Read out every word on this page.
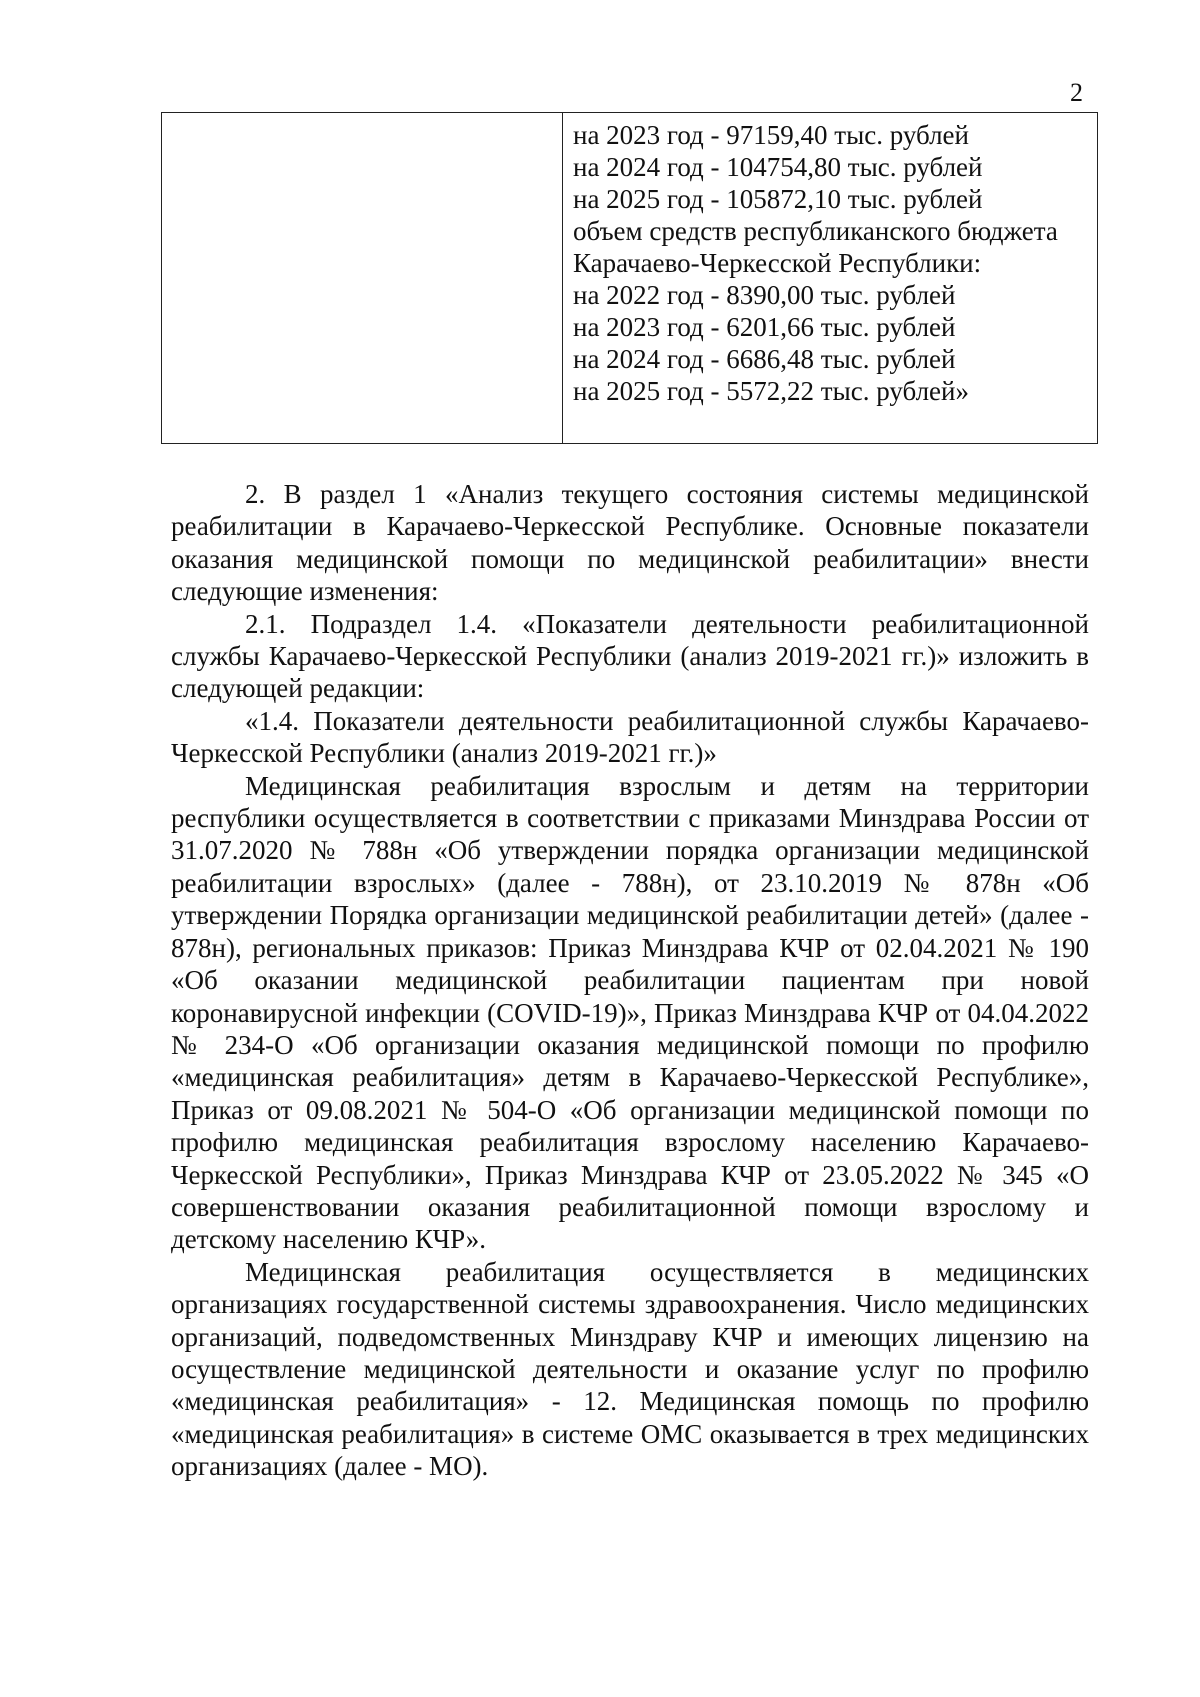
2

на 2023 год - 97159,40 тыс. рублей
на 2024 год - 104754,80 тыс. рублей
на 2025 год - 105872,10 тыс. рублей
объем средств республиканского бюджета
Карачаево-Черкесской Республики:
на 2022 год - 8390,00 тыс. рублей
на 2023 год - 6201,66 тыс. рублей
на 2024 год - 6686,48 тыс. рублей
на 2025 год - 5572,22 тыс. рублей»

2. В раздел 1 «Анализ текущего состояния системы медицинской реабилитации в Карачаево-Черкесской Республике. Основные показатели оказания медицинской помощи по медицинской реабилитации» внести следующие изменения:

2.1. Подраздел 1.4. «Показатели деятельности реабилитационной службы Карачаево-Черкесской Республики (анализ 2019-2021 гг.)» изложить в следующей редакции:

«1.4. Показатели деятельности реабилитационной службы Карачаево-Черкесской Республики (анализ 2019-2021 гг.)»

Медицинская реабилитация взрослым и детям на территории республики осуществляется в соответствии с приказами Минздрава России от 31.07.2020 № 788н «Об утверждении порядка организации медицинской реабилитации взрослых» (далее - 788н), от 23.10.2019 № 878н «Об утверждении Порядка организации медицинской реабилитации детей» (далее - 878н), региональных приказов: Приказ Минздрава КЧР от 02.04.2021 № 190 «Об оказании медицинской реабилитации пациентам при новой коронавирусной инфекции (COVID-19)», Приказ Минздрава КЧР от 04.04.2022 № 234-О «Об организации оказания медицинской помощи по профилю «медицинская реабилитация» детям в Карачаево-Черкесской Республике», Приказ от 09.08.2021 № 504-О «Об организации медицинской помощи по профилю медицинская реабилитация взрослому населению Карачаево-Черкесской Республики», Приказ Минздрава КЧР от 23.05.2022 № 345 «О совершенствовании оказания реабилитационной помощи взрослому и детскому населению КЧР».

Медицинская реабилитация осуществляется в медицинских организациях государственной системы здравоохранения. Число медицинских организаций, подведомственных Минздраву КЧР и имеющих лицензию на осуществление медицинской деятельности и оказание услуг по профилю «медицинская реабилитация» - 12. Медицинская помощь по профилю «медицинская реабилитация» в системе ОМС оказывается в трех медицинских организациях (далее - МО).
